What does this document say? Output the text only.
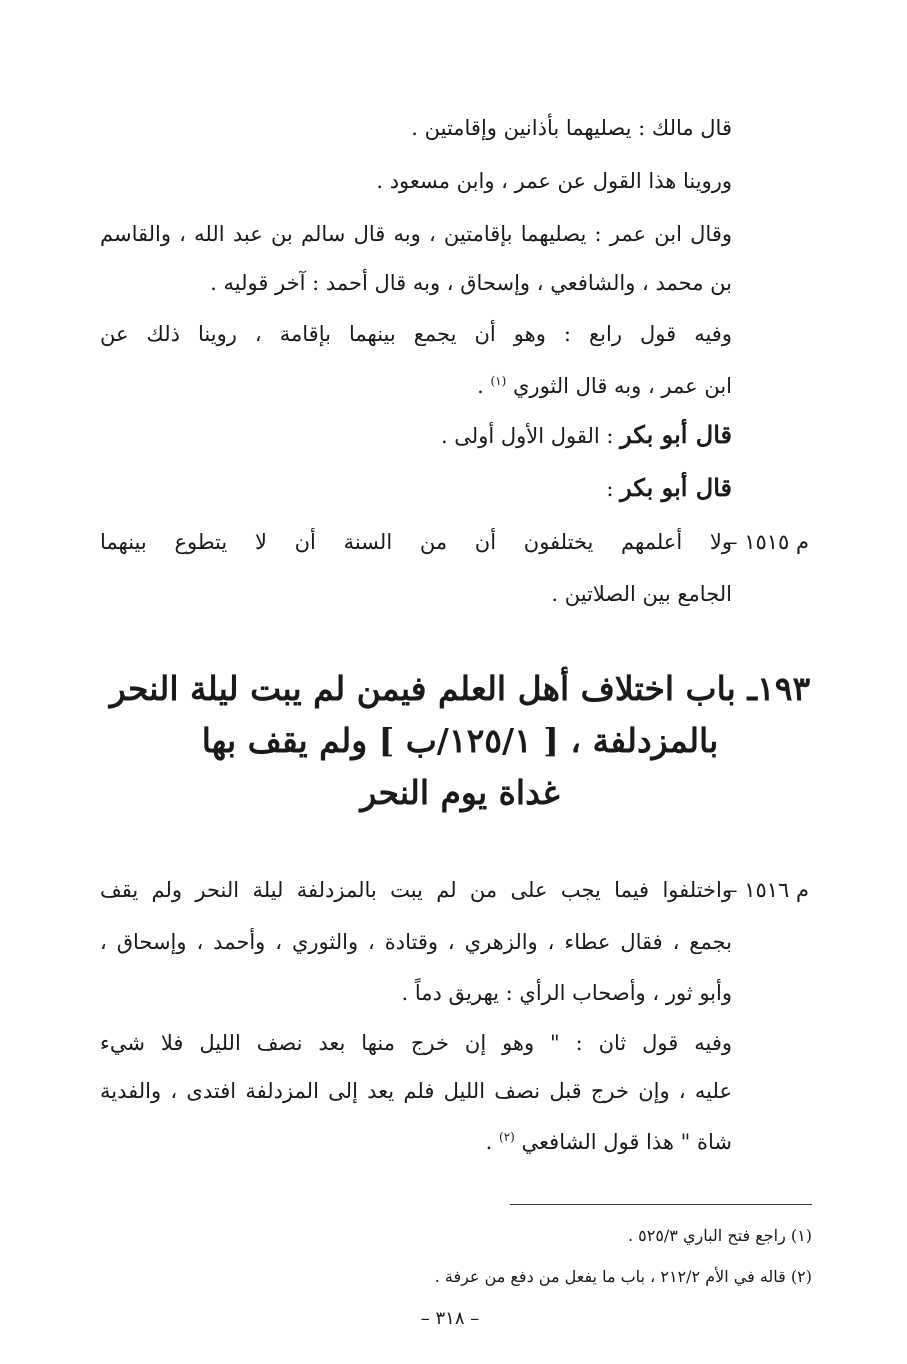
قال مالك : يصليهما بأذانين وإقامتين .
وروينا هذا القول عن عمر ، وابن مسعود .
وقال ابن عمر : يصليهما بإقامتين ، وبه قال سالم بن عبد الله ، والقاسم
بن محمد ، والشافعي ، وإسحاق ، وبه قال أحمد : آخر قوليه .
وفيه قول رابع : وهو أن يجمع بينهما بإقامة ، روينا ذلك عن
ابن عمر ، وبه قال الثوري $^{(١)}$ .
قال أبو بكر : القول الأول أولى .
قال أبو بكر :
م ١٥١٥ –
ولا أعلمهم يختلفون أن من السنة أن لا يتطوع بينهما
الجامع بين الصلاتين .
١٩٣ـ باب اختلاف أهل العلم فيمن لم يبت ليلة النحر
بالمزدلفة ، [ ١٢٥/١/ب ] ولم يقف بها
غداة يوم النحر
م ١٥١٦ –
واختلفوا فيما يجب على من لم يبت بالمزدلفة ليلة النحر ولم يقف
بجمع ، فقال عطاء ، والزهري ، وقتادة ، والثوري ، وأحمد ، وإسحاق ،
وأبو ثور ، وأصحاب الرأي : يهريق دماً .
وفيه قول ثان : " وهو إن خرج منها بعد نصف الليل فلا شيء
عليه ، وإن خرج قبل نصف الليل فلم يعد إلى المزدلفة افتدى ، والفدية
شاة " هذا قول الشافعي $^{(٢)}$ .
(١) راجع فتح الباري ٥٢٥/٣ .
(٢) قاله في الأم ٢١٢/٢ ، باب ما يفعل من دفع من عرفة .
– ٣١٨ –
